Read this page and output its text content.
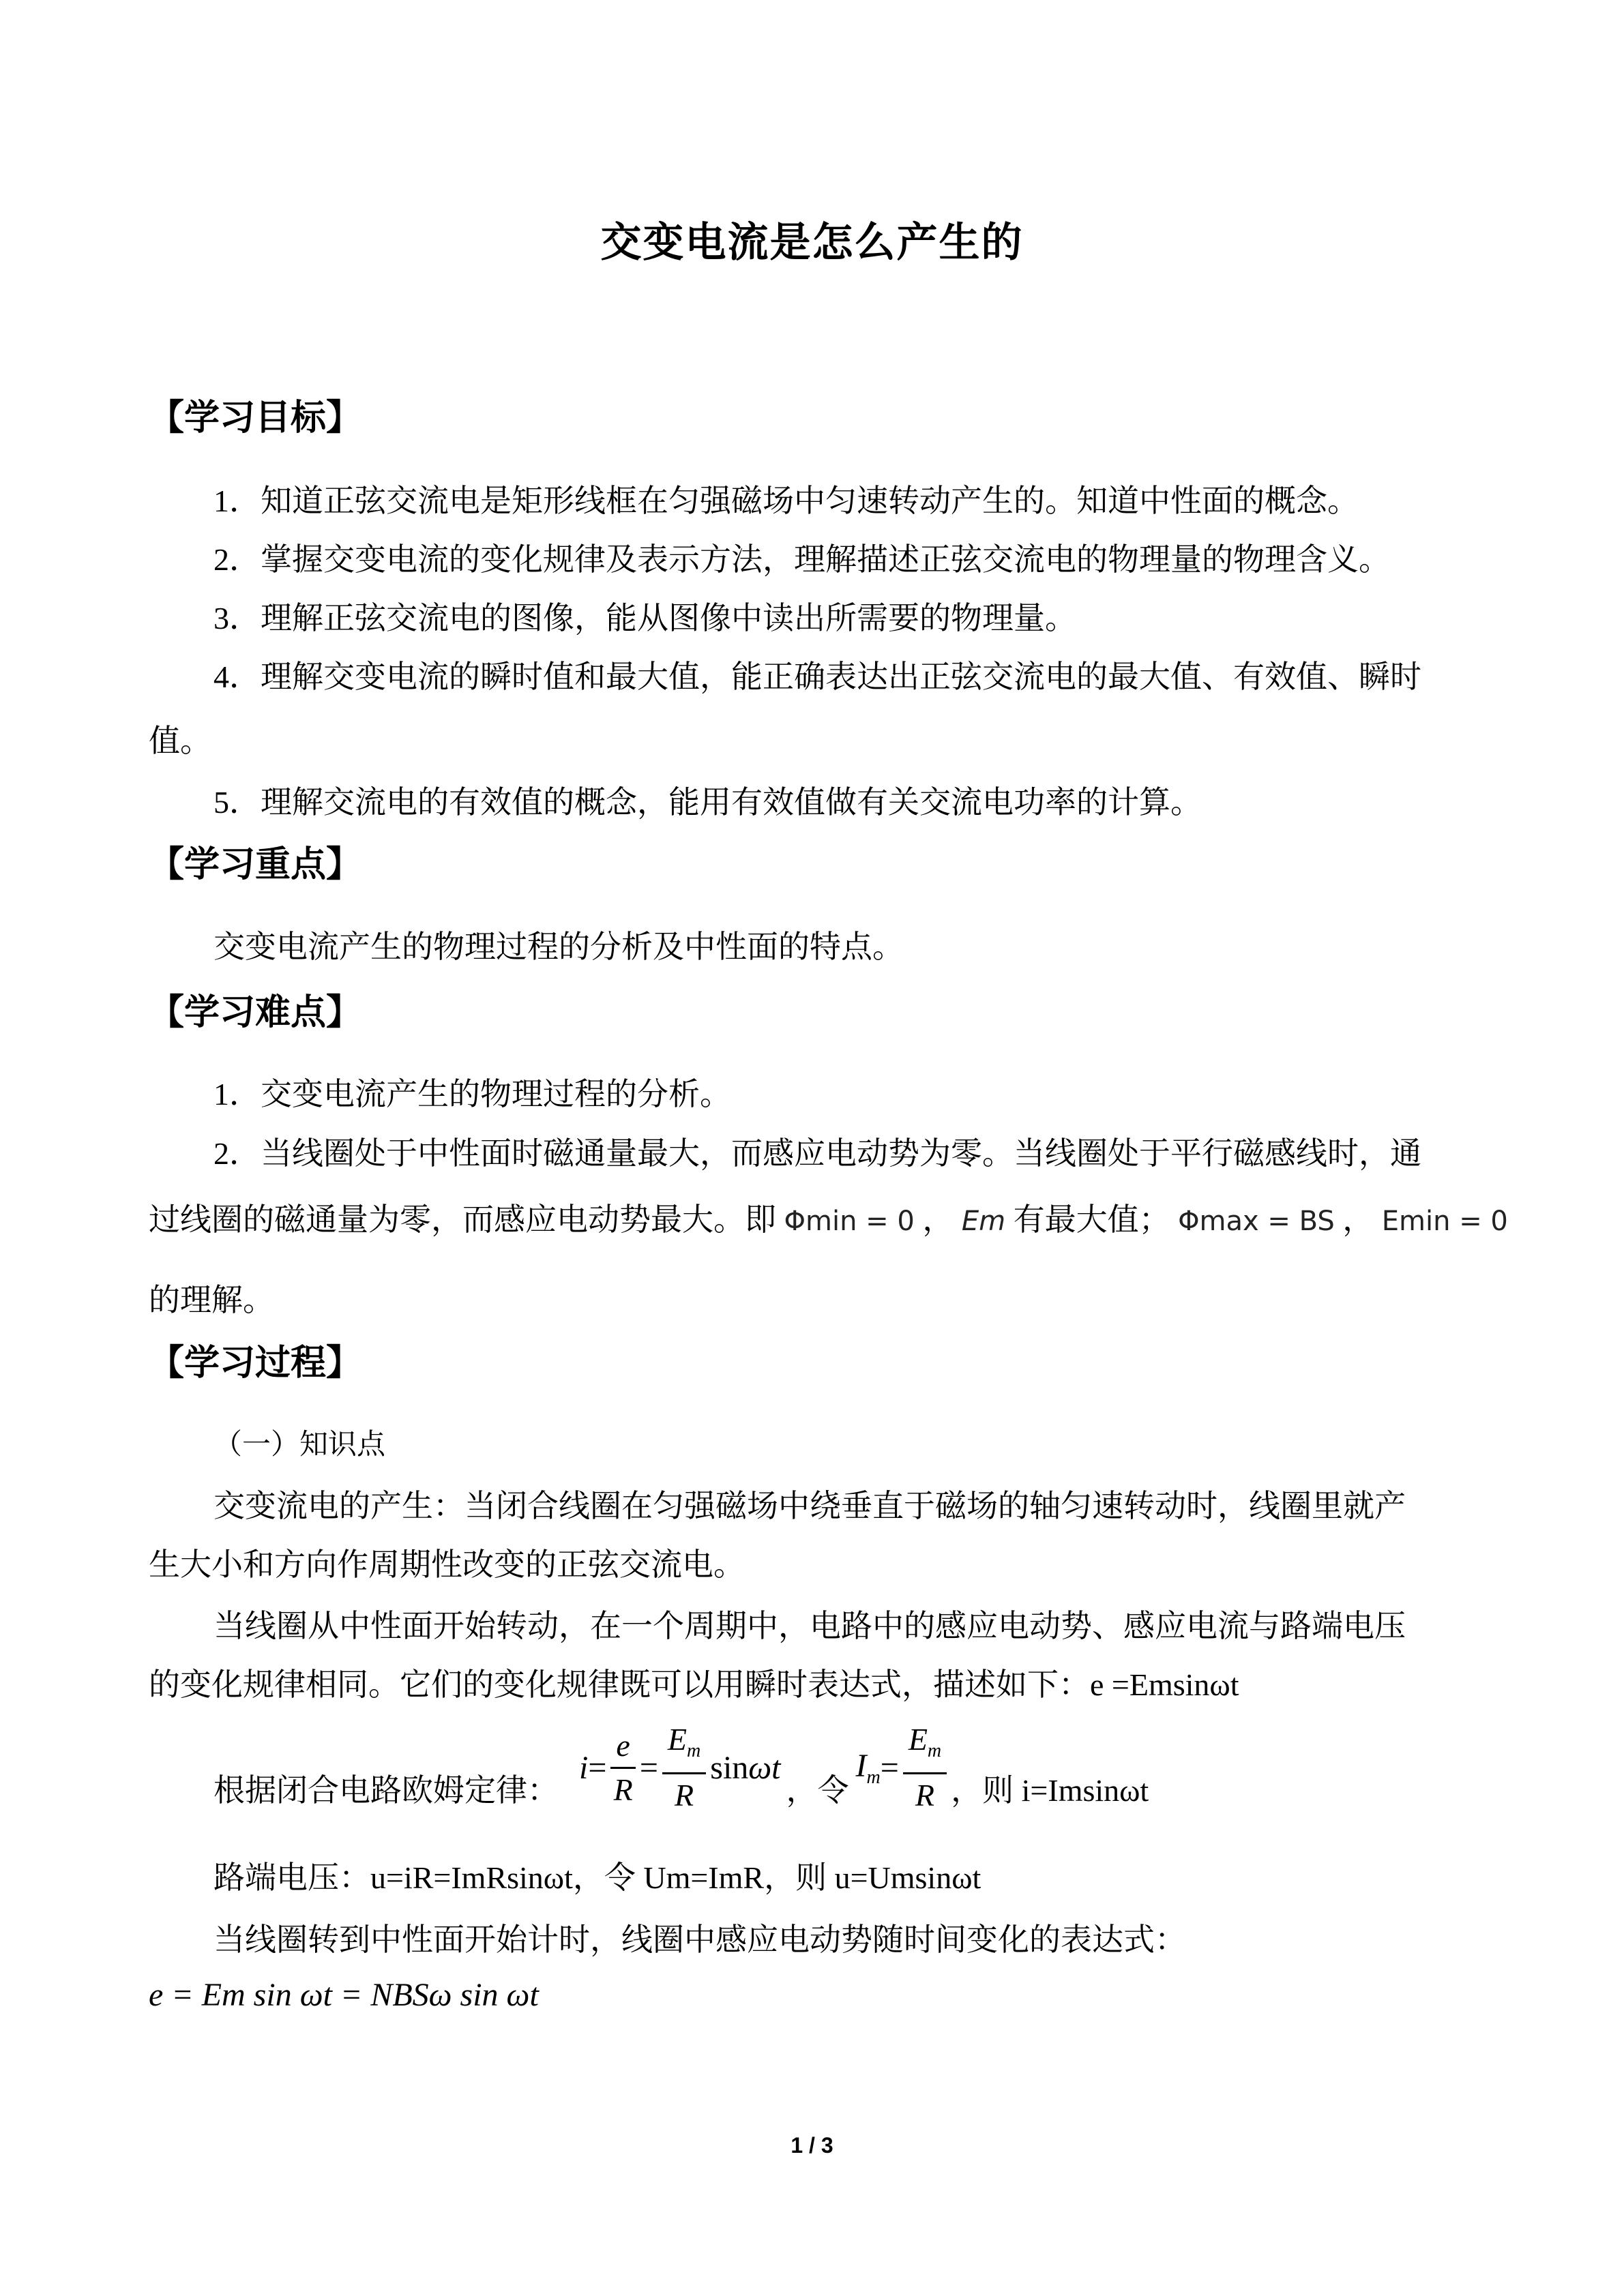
交变电流是怎么产生的
【学习目标】
1．知道正弦交流电是矩形线框在匀强磁场中匀速转动产生的。知道中性面的概念。
2．掌握交变电流的变化规律及表示方法，理解描述正弦交流电的物理量的物理含义。
3．理解正弦交流电的图像，能从图像中读出所需要的物理量。
4．理解交变电流的瞬时值和最大值，能正确表达出正弦交流电的最大值、有效值、瞬时
值。
5．理解交流电的有效值的概念，能用有效值做有关交流电功率的计算。
【学习重点】
交变电流产生的物理过程的分析及中性面的特点。
【学习难点】
1．交变电流产生的物理过程的分析。
2．当线圈处于中性面时磁通量最大，而感应电动势为零。当线圈处于平行磁感线时，通
过线圈的磁通量为零，而感应电动势最大。即 Φmin = 0 ， Em 有最大值； Φmax = BS ， Emin = 0
的理解。
【学习过程】
（一）知识点
交变流电的产生：当闭合线圈在匀强磁场中绕垂直于磁场的轴匀速转动时，线圈里就产
生大小和方向作周期性改变的正弦交流电。
当线圈从中性面开始转动，在一个周期中，电路中的感应电动势、感应电流与路端电压
的变化规律相同。它们的变化规律既可以用瞬时表达式，描述如下：e =Emsinωt
根据闭合电路欧姆定律：
$i = \frac{e}{R} = \frac{E_m}{R}$ sin ωt
，令
$I_m = \frac{E_m}{R}$ ，则 i=Imsinωt
路端电压：u=iR=ImRsinωt，令 Um=ImR，则 u=Umsinωt
当线圈转到中性面开始计时，线圈中感应电动势随时间变化的表达式：
e = Em sin ωt = NBSω sin ωt
1 / 3
